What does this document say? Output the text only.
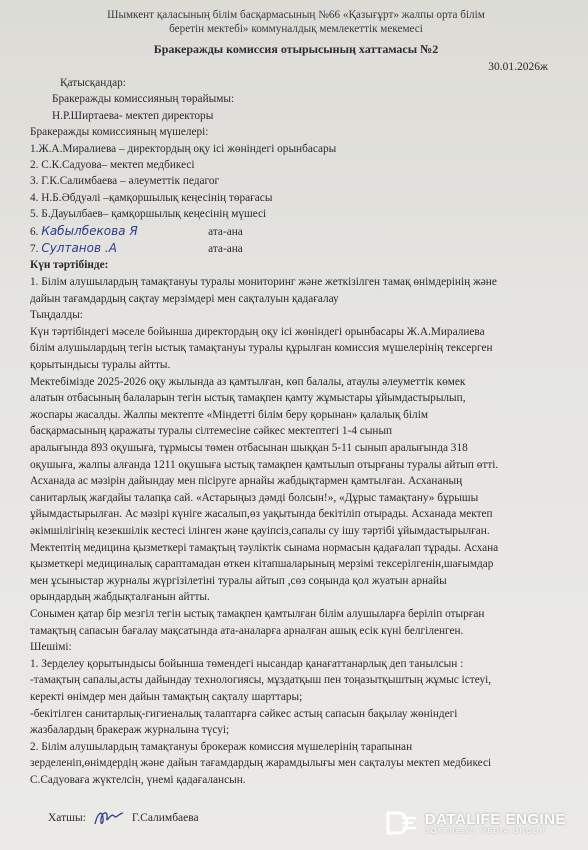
Шымкент қаласының білім басқармасының №66 «Қазығұрт» жалпы орта білім
беретін мектебі» коммуналдық мемлекеттік мекемесі
Бракеражды комиссия отырысының хаттамасы №2
30.01.2026ж
Қатысқандар:
Бракеражды комиссияның төрайымы:
Н.Р.Ширтаева- мектеп директоры
Бракеражды комиссияның мүшелері:
1.Ж.А.Миралиева – директордың оқу ісі жөніндегі орынбасары
2. С.К.Садуова– мектеп медбикесі
3. Г.К.Салимбаева – әлеуметтік педагог
4. Н.Б.Әбдуәлі –қамқоршылық кеңесінің төрағасы
5. Б.Дауылбаев– қамқоршылық кеңесінің мүшесі
6. Кабылбекова Я	ата-ана
7. Султанов .А	ата-ана
Күн тәртібінде:
1. Білім алушылардың тамақтануы туралы мониторинг және жеткізілген тамақ өнімдерінің және
дайын тағамдардың сақтау мерзімдері мен сақталуын қадағалау
Тыңдалды:
Күн тәртібіндегі мәселе бойынша директордың оқу ісі жөніндегі орынбасары Ж.А.Миралиева
білім алушылардың тегін ыстық тамақтануы туралы құрылған комиссия мүшелерінің тексерген
қорытындысы туралы айтты.
Мектебімізде 2025-2026 оқу жылында аз қамтылған, көп балалы, атаулы әлеуметтік көмек
алатын отбасының балаларын тегін ыстық тамақпен қамту жұмыстары ұйымдастырылып,
жоспары жасалды. Жалпы мектепте «Міндетті білім беру қорынан» қалалық білім
басқармасының қаражаты туралы сілтемесіне сәйкес мектептегі 1-4 сынып
аралығында 893 оқушыға, тұрмысы төмен отбасынан шыққан 5-11 сынып аралығында 318
оқушыға, жалпы алғанда 1211 оқушыға ыстық тамақпен қамтылып отырғаны туралы айтып өтті.
Асханада ас мәзірін дайындау мен пісіруге арнайы жабдықтармен қамтылған. Асхананың
санитарлық жағдайы талапқа сай. «Астарыңыз дәмді болсын!», «Дұрыс тамақтану» бұрышы
ұйымдастырылған. Ас мәзірі күніге жасалып,өз уақытында бекітіліп отырады. Асханада мектеп
әкімшілігінің кезекшілік кестесі ілінген және қауіпсіз,сапалы су ішу тәртібі ұйымдастырылған.
Мектептің медицина қызметкері тамақтың тәуліктік сынама нормасын қадағалап тұрады. Асхана
қызметкері медициналық сараптамадан өткен кітапшаларының мерзімі тексерілгенін,шағымдар
мен ұсыныстар журналы жүргізілетіні туралы айтып ,сөз соңында қол жуатын арнайы
орындардың жабдықталғанын айтты.
Сонымен қатар бір мезгіл тегін ыстық тамақпен қамтылған білім алушыларға беріліп отырған
тамақтың сапасын бағалау мақсатында ата-аналарға арналған ашық есік күні белгіленген.
Шешімі:
1. Зерделеу қорытындысы бойынша төмендегі нысандар қанағаттанарлық деп танылсын :
-тамақтың сапалы,асты дайындау технологиясы, мұздатқыш пен тоңазытқыштың жұмыс істеуі,
керекті өнімдер мен дайын тамақтың сақталу шарттары;
-бекітілген санитарлық-гигиеналық талаптарға сәйкес астың сапасын бақылау жөніндегі
жазбалардың бракераж журналына түсуі;
2. Білім алушылардың тамақтануы брокераж комиссия мүшелерінің тарапынан
зерделеніп,өнімдердің және дайын тағамдардың жарамдылығы мен сақталуы мектеп медбикесі
С.Садуоваға жүктелсін, үнемі қадағалансын.
Хатшы:	Г.Салимбаева	DATALIFE ENGINE
SOFTNEWS MEDIA GROUP
